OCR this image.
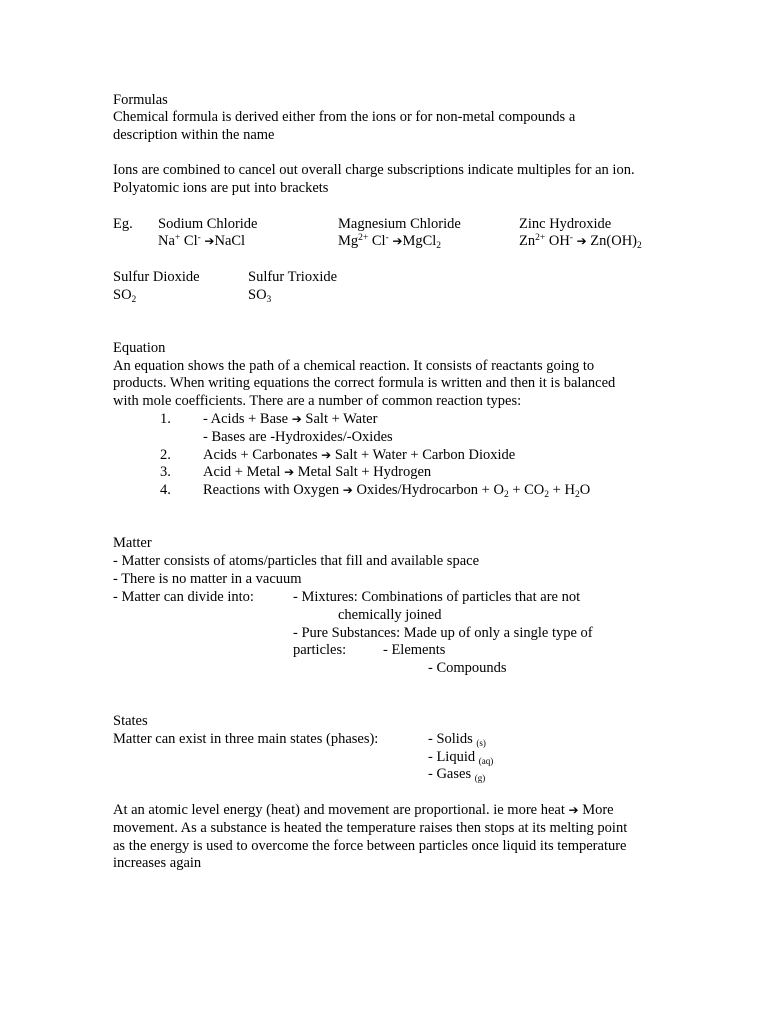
Formulas
Chemical formula is derived either from the ions or for non-metal compounds a
description within the name
Ions are combined to cancel out overall charge subscriptions indicate multiples for an ion.
Polyatomic ions are put into brackets
Eg. Sodium Chloride	Magnesium Chloride	Zinc Hydroxide
Na+ Cl- ➔NaCl	$Mg^{2+}$ Cl- ➔MgCl$_2$	$Zn^{2+}$ OH- ➔ $Zn(OH)_2$
Sulfur Dioxide	Sulfur Trioxide
$SO_2$	$SO_3$
Equation
An equation shows the path of a chemical reaction. It consists of reactants going to
products. When writing equations the correct formula is written and then it is balanced
with mole coefficients. There are a number of common reaction types:
1. - Acids + Base ➔ Salt + Water
- Bases are -Hydroxides/-Oxides
2. Acids + Carbonates ➔ Salt + Water + Carbon Dioxide
3. Acid + Metal ➔ Metal Salt + Hydrogen
4. Reactions with Oxygen ➔ Oxides/Hydrocarbon + $O_2 + CO_2 + H_2O$
Matter
- Matter consists of atoms/particles that fill and available space
- There is no matter in a vacuum
- Matter can divide into:	- Mixtures: Combinations of particles that are not
chemically joined
- Pure Substances: Made up of only a single type of
particles:	- Elements
- Compounds
States
Matter can exist in three main states (phases):	- Solids $_{(s)}$
- Liquid $_{(aq)}$
- Gases $_{(g)}$
At an atomic level energy (heat) and movement are proportional. ie more heat ➔ More
movement. As a substance is heated the temperature raises then stops at its melting point
as the energy is used to overcome the force between particles once liquid its temperature
increases again
